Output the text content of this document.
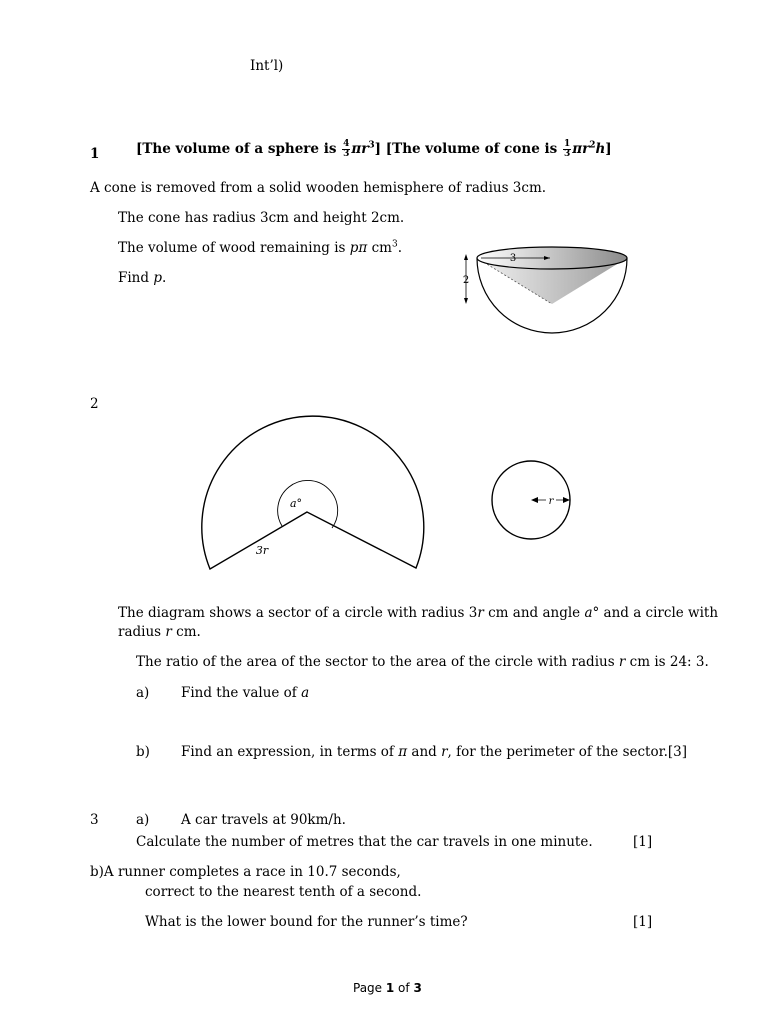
Int’l)
1	[The volume of a sphere is $\frac{4}{3} \pi r^3$] [The volume of cone is $\frac{1}{3} \pi r^2h$]
A cone is removed from a solid wooden hemisphere of radius 3cm.
The cone has radius 3cm and height 2cm.
The volume of wood remaining is pπ $cm^3$.
Find p.
3
2
2
a°
3r
r
The diagram shows a sector of a circle with radius 3r cm and angle a° and a circle with
radius r cm.
The ratio of the area of the sector to the area of the circle with radius r cm is 24: 3.
a) Find the value of a
b) Find an expression, in terms of π and r, for the perimeter of the sector.[3]
3	a) A car travels at 90km/h.
Calculate the number of metres that the car travels in one minute.	[1]
b)A runner completes a race in 10.7 seconds,
correct to the nearest tenth of a second.
What is the lower bound for the runner’s time?	[1]
Page 1 of 3
